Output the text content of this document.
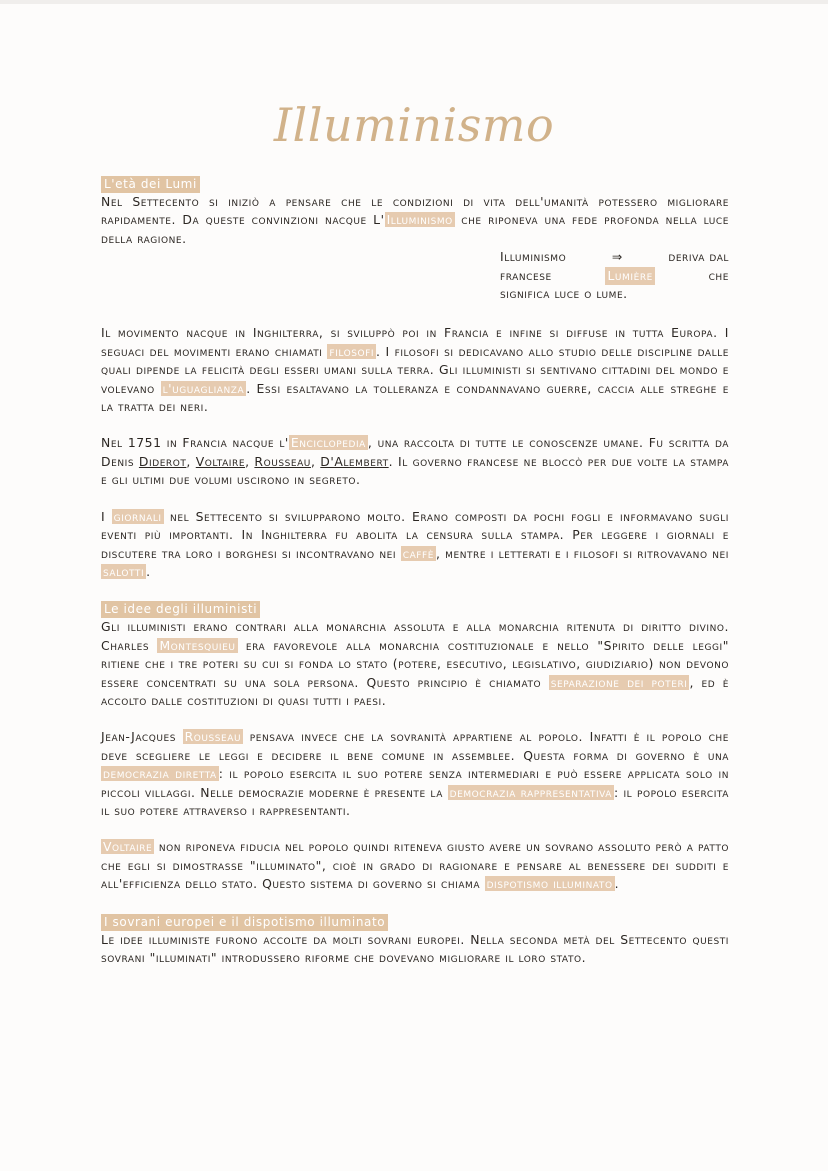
Illuminismo
L'età dei Lumi

Nel Settecento si iniziò a pensare che le condizioni di vita dell'umanità potessero migliorare rapidamente. Da queste convinzioni nacque L' Illuminismo che riponeva una fede profonda nella luce della ragione.

Illuminismo	⇒	deriva dal
francese	Lumière	che
significa luce o lume.

Il movimento nacque in Inghilterra, si sviluppò poi in Francia e infine si diffuse in tutta Europa. I seguaci del movimenti erano chiamati filosofi . I filosofi si dedicavano allo studio delle discipline dalle quali dipende la felicità degli esseri umani sulla terra. Gli illuministi si sentivano cittadini del mondo e volevano l'uguaglianza . Essi esaltavano la tolleranza e condannavano guerre, caccia alle streghe e la tratta dei neri.

Nel 1751 in Francia nacque l' Enciclopedia , una raccolta di tutte le conoscenze umane. Fu scritta da Denis Diderot, Voltaire, Rousseau, D'Alembert. Il governo francese ne bloccò per due volte la stampa e gli ultimi due volumi uscirono in segreto.

I giornali nel Settecento si svilupparono molto. Erano composti da pochi fogli e informavano sugli eventi più importanti. In Inghilterra fu abolita la censura sulla stampa. Per leggere i giornali e discutere tra loro i borghesi si incontravano nei caffè , mentre i letterati e i filosofi si ritrovavano nei salotti .

Le idee degli illuministi

Gli illuministi erano contrari alla monarchia assoluta e alla monarchia ritenuta di diritto divino. Charles Montesquieu era favorevole alla monarchia costituzionale e nello "Spirito delle leggi" ritiene che i tre poteri su cui si fonda lo stato (potere, esecutivo, legislativo, giudiziario) non devono essere concentrati su una sola persona. Questo principio è chiamato separazione dei poteri , ed è accolto dalle costituzioni di quasi tutti i paesi.

Jean-Jacques Rousseau pensava invece che la sovranità appartiene al popolo. Infatti è il popolo che deve scegliere le leggi e decidere il bene comune in assemblee. Questa forma di governo è una democrazia diretta : il popolo esercita il suo potere senza intermediari e può essere applicata solo in piccoli villaggi. Nelle democrazie moderne è presente la democrazia rappresentativa : il popolo esercita il suo potere attraverso i rappresentanti.

Voltaire non riponeva fiducia nel popolo quindi riteneva giusto avere un sovrano assoluto però a patto che egli si dimostrasse "illuminato", cioè in grado di ragionare e pensare al benessere dei sudditi e all'efficienza dello stato. Questo sistema di governo si chiama dispotismo illuminato .

I sovrani europei e il dispotismo illuminato

Le idee illuministe furono accolte da molti sovrani europei. Nella seconda metà del Settecento questi sovrani "illuminati" introdussero riforme che dovevano migliorare il loro stato.
